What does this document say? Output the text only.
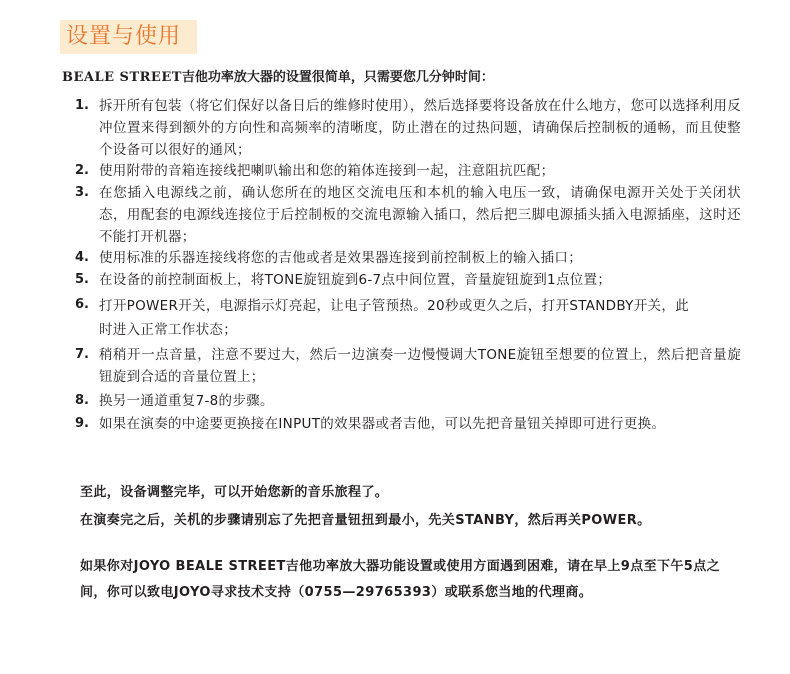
设置与使用
BEALE STREET吉他功率放大器的设置很简单，只需要您几分钟时间：
1. 拆开所有包装（将它们保好以备日后的维修时使用），然后选择要将设备放在什么地方，您可以选择利用反冲位置来得到额外的方向性和高频率的清晰度，防止潜在的过热问题，请确保后控制板的通畅，而且使整个设备可以很好的通风；
2. 使用附带的音箱连接线把喇叭输出和您的箱体连接到一起，注意阻抗匹配；
3. 在您插入电源线之前，确认您所在的地区交流电压和本机的输入电压一致，请确保电源开关处于关闭状态，用配套的电源线连接位于后控制板的交流电源输入插口，然后把三脚电源插头插入电源插座，这时还不能打开机器；
4. 使用标准的乐器连接线将您的吉他或者是效果器连接到前控制板上的输入插口；
5. 在设备的前控制面板上，将TONE旋钮旋到6-7点中间位置，音量旋钮旋到1点位置；
6. 打开POWER开关，电源指示灯亮起，让电子管预热。20秒或更久之后，打开STANDBY开关，此时进入正常工作状态；
7. 稍稍开一点音量，注意不要过大，然后一边演奏一边慢慢调大TONE旋钮至想要的位置上，然后把音量旋钮旋到合适的音量位置上；
8. 换另一通道重复7-8的步骤。
9. 如果在演奏的中途要更换接在INPUT的效果器或者吉他，可以先把音量钮关掉即可进行更换。
至此，设备调整完毕，可以开始您新的音乐旅程了。
在演奏完之后，关机的步骤请别忘了先把音量钮扭到最小，先关STANBY，然后再关POWER。
如果你对JOYO BEALE STREET吉他功率放大器功能设置或使用方面遇到困难，请在早上9点至下午5点之间，你可以致电JOYO寻求技术支持（0755—29765393）或联系您当地的代理商。
